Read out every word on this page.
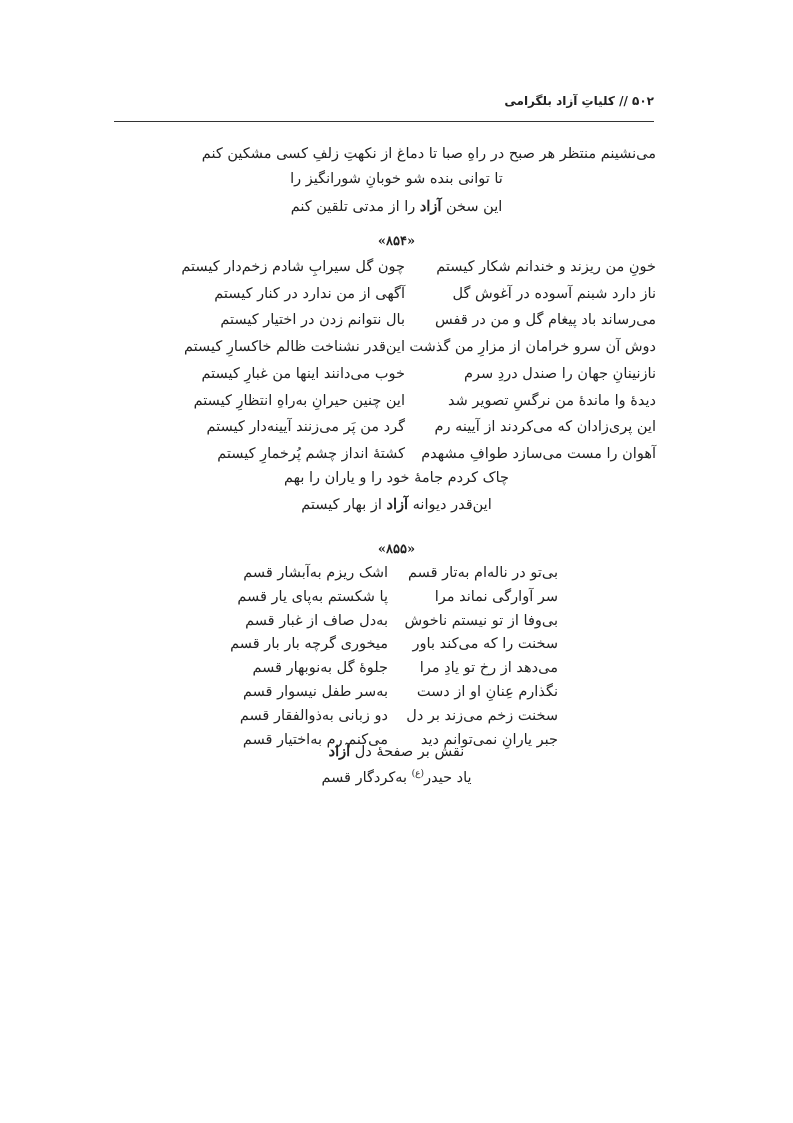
۵۰۲ // کلیاتِ آزاد بلگرامی
می‌نشینم منتظر هر صبح در راهِ صبا تا دماغ از نکهتِ زلفِ کسی مشکین کنم
تا توانی بنده شو خوبانِ شورانگیز را
این سخن آزاد را از مدتی تلقین کنم
«۸۵۴»
خونِ من ریزند و خندانم شکار کیستم
چون گل سیرابِ شادم زخم‌دار کیستم
ناز دارد شبنم آسوده در آغوش گل
آگهی از من ندارد در کنار کیستم
می‌رساند باد پیغام گل و من در قفس
بال نتوانم زدن در اختیار کیستم
دوش آن سرو خرامان از مزارِ من گذشت
این‌قدر نشناخت ظالم خاکسارِ کیستم
نازنینانِ جهان را صندل دردِ سرم
خوب می‌دانند اینها من غبارِ کیستم
دیدهٔ وا ماندهٔ من نرگسِ تصویر شد
این چنین حیرانِ به‌راهِ انتظارِ کیستم
این پری‌زادان که می‌کردند از آیینه رم
گرد من پَر می‌زنند آیینه‌دار کیستم
آهوان را مست می‌سازد طوافِ مشهدم
کشتهٔ انداز چشم پُرخمارِ کیستم
چاک کردم جامهٔ خود را و یاران را بهم
این‌قدر دیوانه آزاد از بهار کیستم
«۸۵۵»
بی‌تو در ناله‌ام به‌تار قسم
اشک ریزم به‌آبشار قسم
سر آوارگی نماند مرا
پا شکستم به‌پای یار قسم
بی‌وفا از تو نیستم ناخوش
به‌دل صاف از غبار قسم
سخنت را که می‌کند باور
میخوری گرچه بار بار قسم
می‌دهد از رخ تو یادِ مرا
جلوهٔ گل به‌نوبهار قسم
نگذارم عِنانِ او از دست
به‌سر طفل نیسوار قسم
سخنت زخم می‌زند بر دل
دو زبانی به‌ذوالفقار قسم
جبر یارانِ نمی‌توانم دید
می‌کنم رم به‌اختیار قسم
نقش بر صفحهٔ دل آزاد
یاد حیدر$^{(ع)}$ به‌کردگار قسم
